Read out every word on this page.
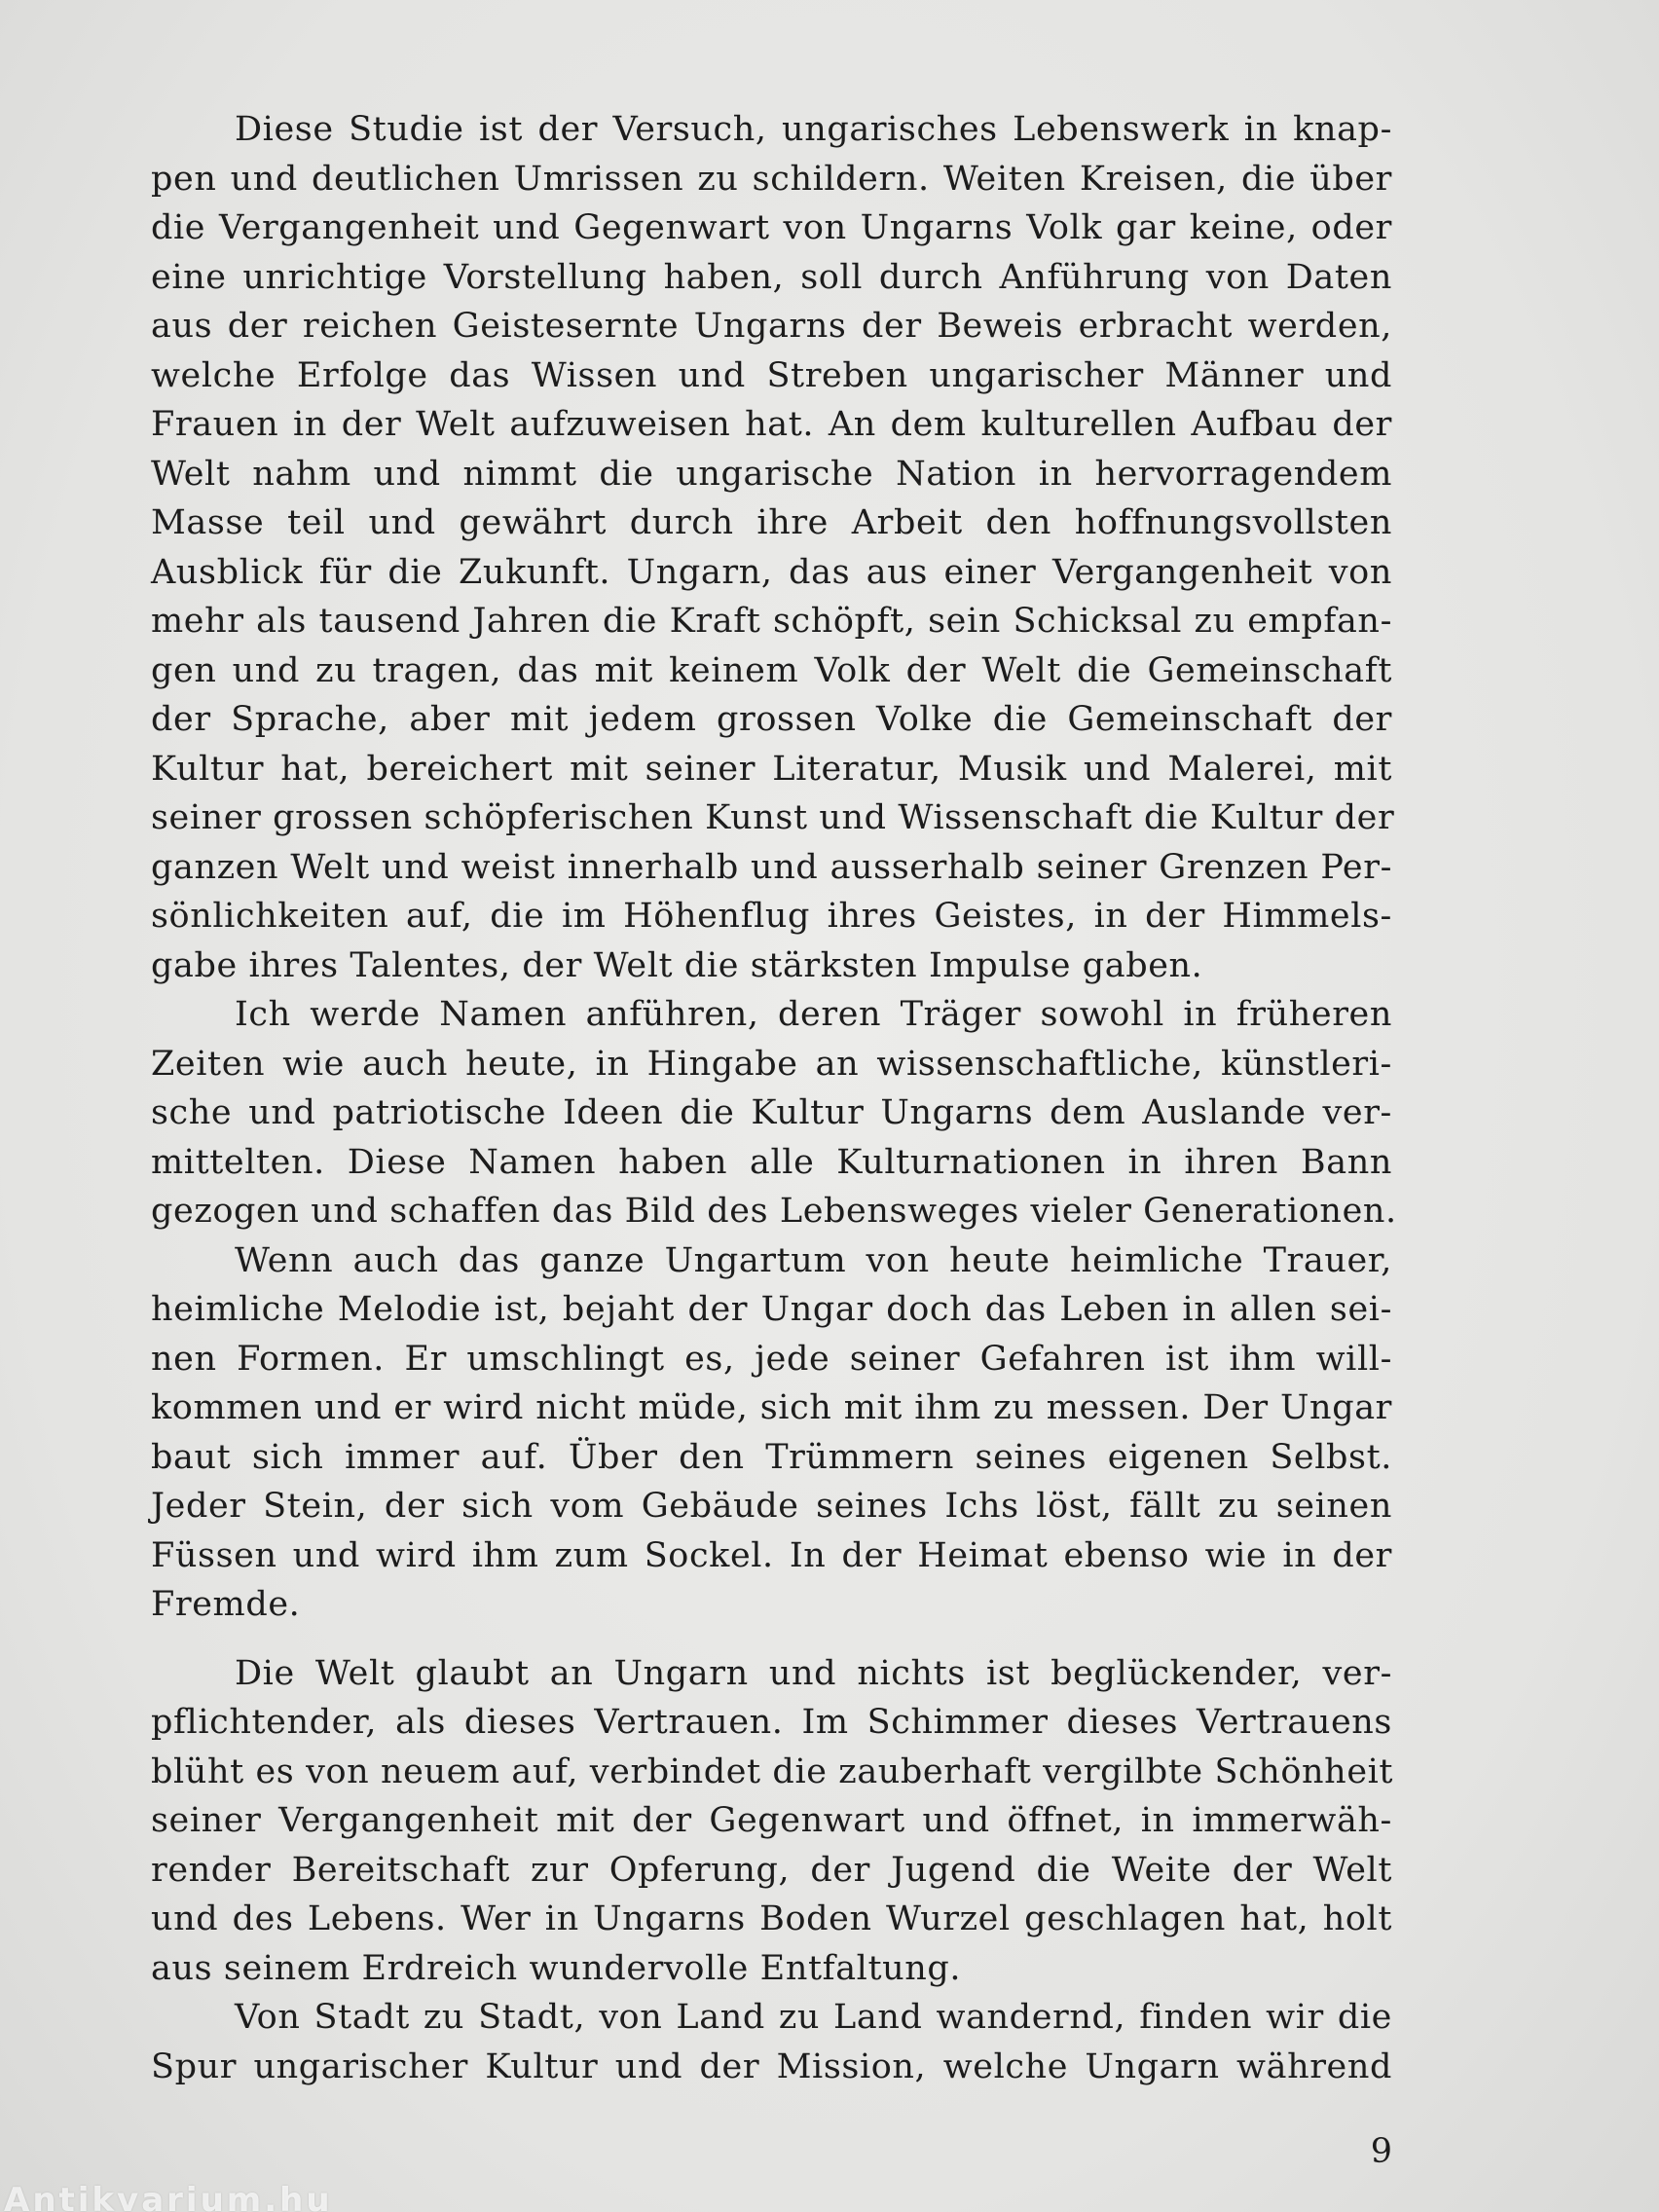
Diese Studie ist der Versuch, ungarisches Lebenswerk in knap-
pen und deutlichen Umrissen zu schildern. Weiten Kreisen, die über
die Vergangenheit und Gegenwart von Ungarns Volk gar keine, oder
eine unrichtige Vorstellung haben, soll durch Anführung von Daten
aus der reichen Geisteserntе Ungarns der Beweis erbracht werden,
welche Erfolge das Wissen und Streben ungarischer Männer und
Frauen in der Welt aufzuweisen hat. An dem kulturellen Aufbau der
Welt nahm und nimmt die ungarische Nation in hervorragendem
Masse teil und gewährt durch ihre Arbeit den hoffnungsvollsten
Ausblick für die Zukunft. Ungarn, das aus einer Vergangenheit von
mehr als tausend Jahren die Kraft schöpft, sein Schicksal zu empfan-
gen und zu tragen, das mit keinem Volk der Welt die Gemeinschaft
der Sprache, aber mit jedem grossen Volke die Gemeinschaft der
Kultur hat, bereichert mit seiner Literatur, Musik und Malerei, mit
seiner grossen schöpferischen Kunst und Wissenschaft die Kultur der
ganzen Welt und weist innerhalb und ausserhalb seiner Grenzen Per-
sönlichkeiten auf, die im Höhenflug ihres Geistes, in der Himmels-
gabe ihres Talentes, der Welt die stärksten Impulse gaben.
Ich werde Namen anführen, deren Träger sowohl in früheren
Zeiten wie auch heute, in Hingabe an wissenschaftliche, künstleri-
sche und patriotische Ideen die Kultur Ungarns dem Auslande ver-
mittelten. Diese Namen haben alle Kulturnationen in ihren Bann
gezogen und schaffen das Bild des Lebensweges vieler Generationen.
Wenn auch das ganze Ungartum von heute heimliche Trauer,
heimliche Melodie ist, bejaht der Ungar doch das Leben in allen sei-
nen Formen. Er umschlingt es, jede seiner Gefahren ist ihm will-
kommen und er wird nicht müde, sich mit ihm zu messen. Der Ungar
baut sich immer auf. Über den Trümmern seines eigenen Selbst.
Jeder Stein, der sich vom Gebäude seines Ichs löst, fällt zu seinen
Füssen und wird ihm zum Sockel. In der Heimat ebenso wie in der
Fremde.
Die Welt glaubt an Ungarn und nichts ist beglückender, ver-
pflichtender, als dieses Vertrauen. Im Schimmer dieses Vertrauens
blüht es von neuem auf, verbindet die zauberhaft vergilbte Schönheit
seiner Vergangenheit mit der Gegenwart und öffnet, in immerwäh-
render Bereitschaft zur Opferung, der Jugend die Weite der Welt
und des Lebens. Wer in Ungarns Boden Wurzel geschlagen hat, holt
aus seinem Erdreich wundervolle Entfaltung.
Von Stadt zu Stadt, von Land zu Land wandernd, finden wir die
Spur ungarischer Kultur und der Mission, welche Ungarn während
9
Antikvarium.hu
